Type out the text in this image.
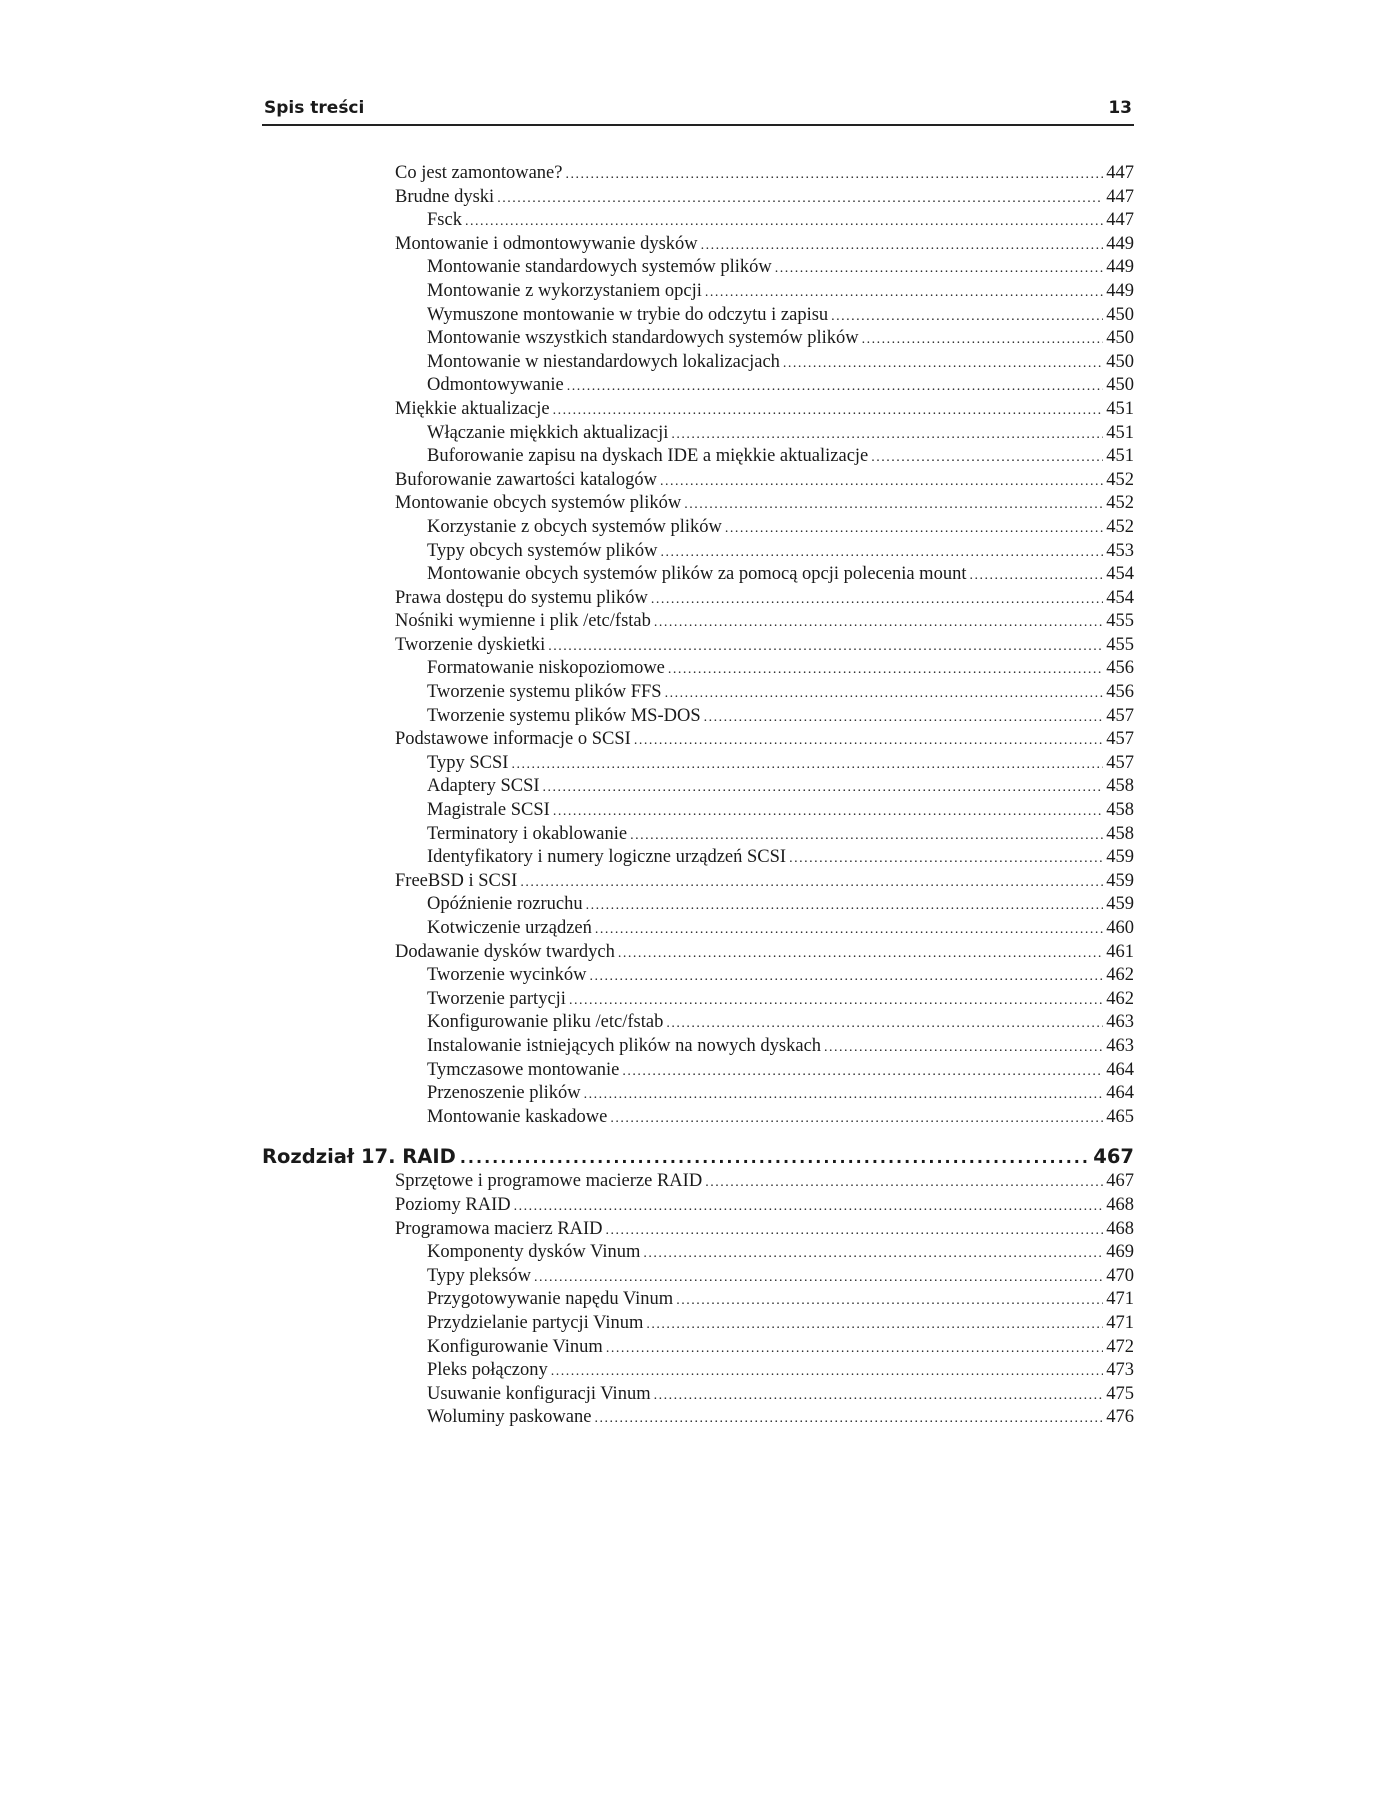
Spis treści	13
Co jest zamontowane? .....	447
Brudne dyski .....	447
Fsck .....	447
Montowanie i odmontowywanie dysków .....	449
Montowanie standardowych systemów plików .....	449
Montowanie z wykorzystaniem opcji .....	449
Wymuszone montowanie w trybie do odczytu i zapisu .....	450
Montowanie wszystkich standardowych systemów plików .....	450
Montowanie w niestandardowych lokalizacjach .....	450
Odmontowywanie .....	450
Miękkie aktualizacje .....	451
Włączanie miękkich aktualizacji .....	451
Buforowanie zapisu na dyskach IDE a miękkie aktualizacje .....	451
Buforowanie zawartości katalogów .....	452
Montowanie obcych systemów plików .....	452
Korzystanie z obcych systemów plików .....	452
Typy obcych systemów plików .....	453
Montowanie obcych systemów plików za pomocą opcji polecenia mount .....	454
Prawa dostępu do systemu plików .....	454
Nośniki wymienne i plik /etc/fstab .....	455
Tworzenie dyskietki .....	455
Formatowanie niskopoziomowe .....	456
Tworzenie systemu plików FFS .....	456
Tworzenie systemu plików MS-DOS .....	457
Podstawowe informacje o SCSI .....	457
Typy SCSI .....	457
Adaptery SCSI .....	458
Magistrale SCSI .....	458
Terminatory i okablowanie .....	458
Identyfikatory i numery logiczne urządzeń SCSI .....	459
FreeBSD i SCSI .....	459
Opóźnienie rozruchu .....	459
Kotwiczenie urządzeń .....	460
Dodawanie dysków twardych .....	461
Tworzenie wycinków .....	462
Tworzenie partycji .....	462
Konfigurowanie pliku /etc/fstab .....	463
Instalowanie istniejących plików na nowych dyskach .....	463
Tymczasowe montowanie .....	464
Przenoszenie plików .....	464
Montowanie kaskadowe .....	465
Rozdział 17. RAID .....	467
Sprzętowe i programowe macierze RAID .....	467
Poziomy RAID .....	468
Programowa macierz RAID .....	468
Komponenty dysków Vinum .....	469
Typy pleksów .....	470
Przygotowywanie napędu Vinum .....	471
Przydzielanie partycji Vinum .....	471
Konfigurowanie Vinum .....	472
Pleks połączony .....	473
Usuwanie konfiguracji Vinum .....	475
Woluminy paskowane .....	476
